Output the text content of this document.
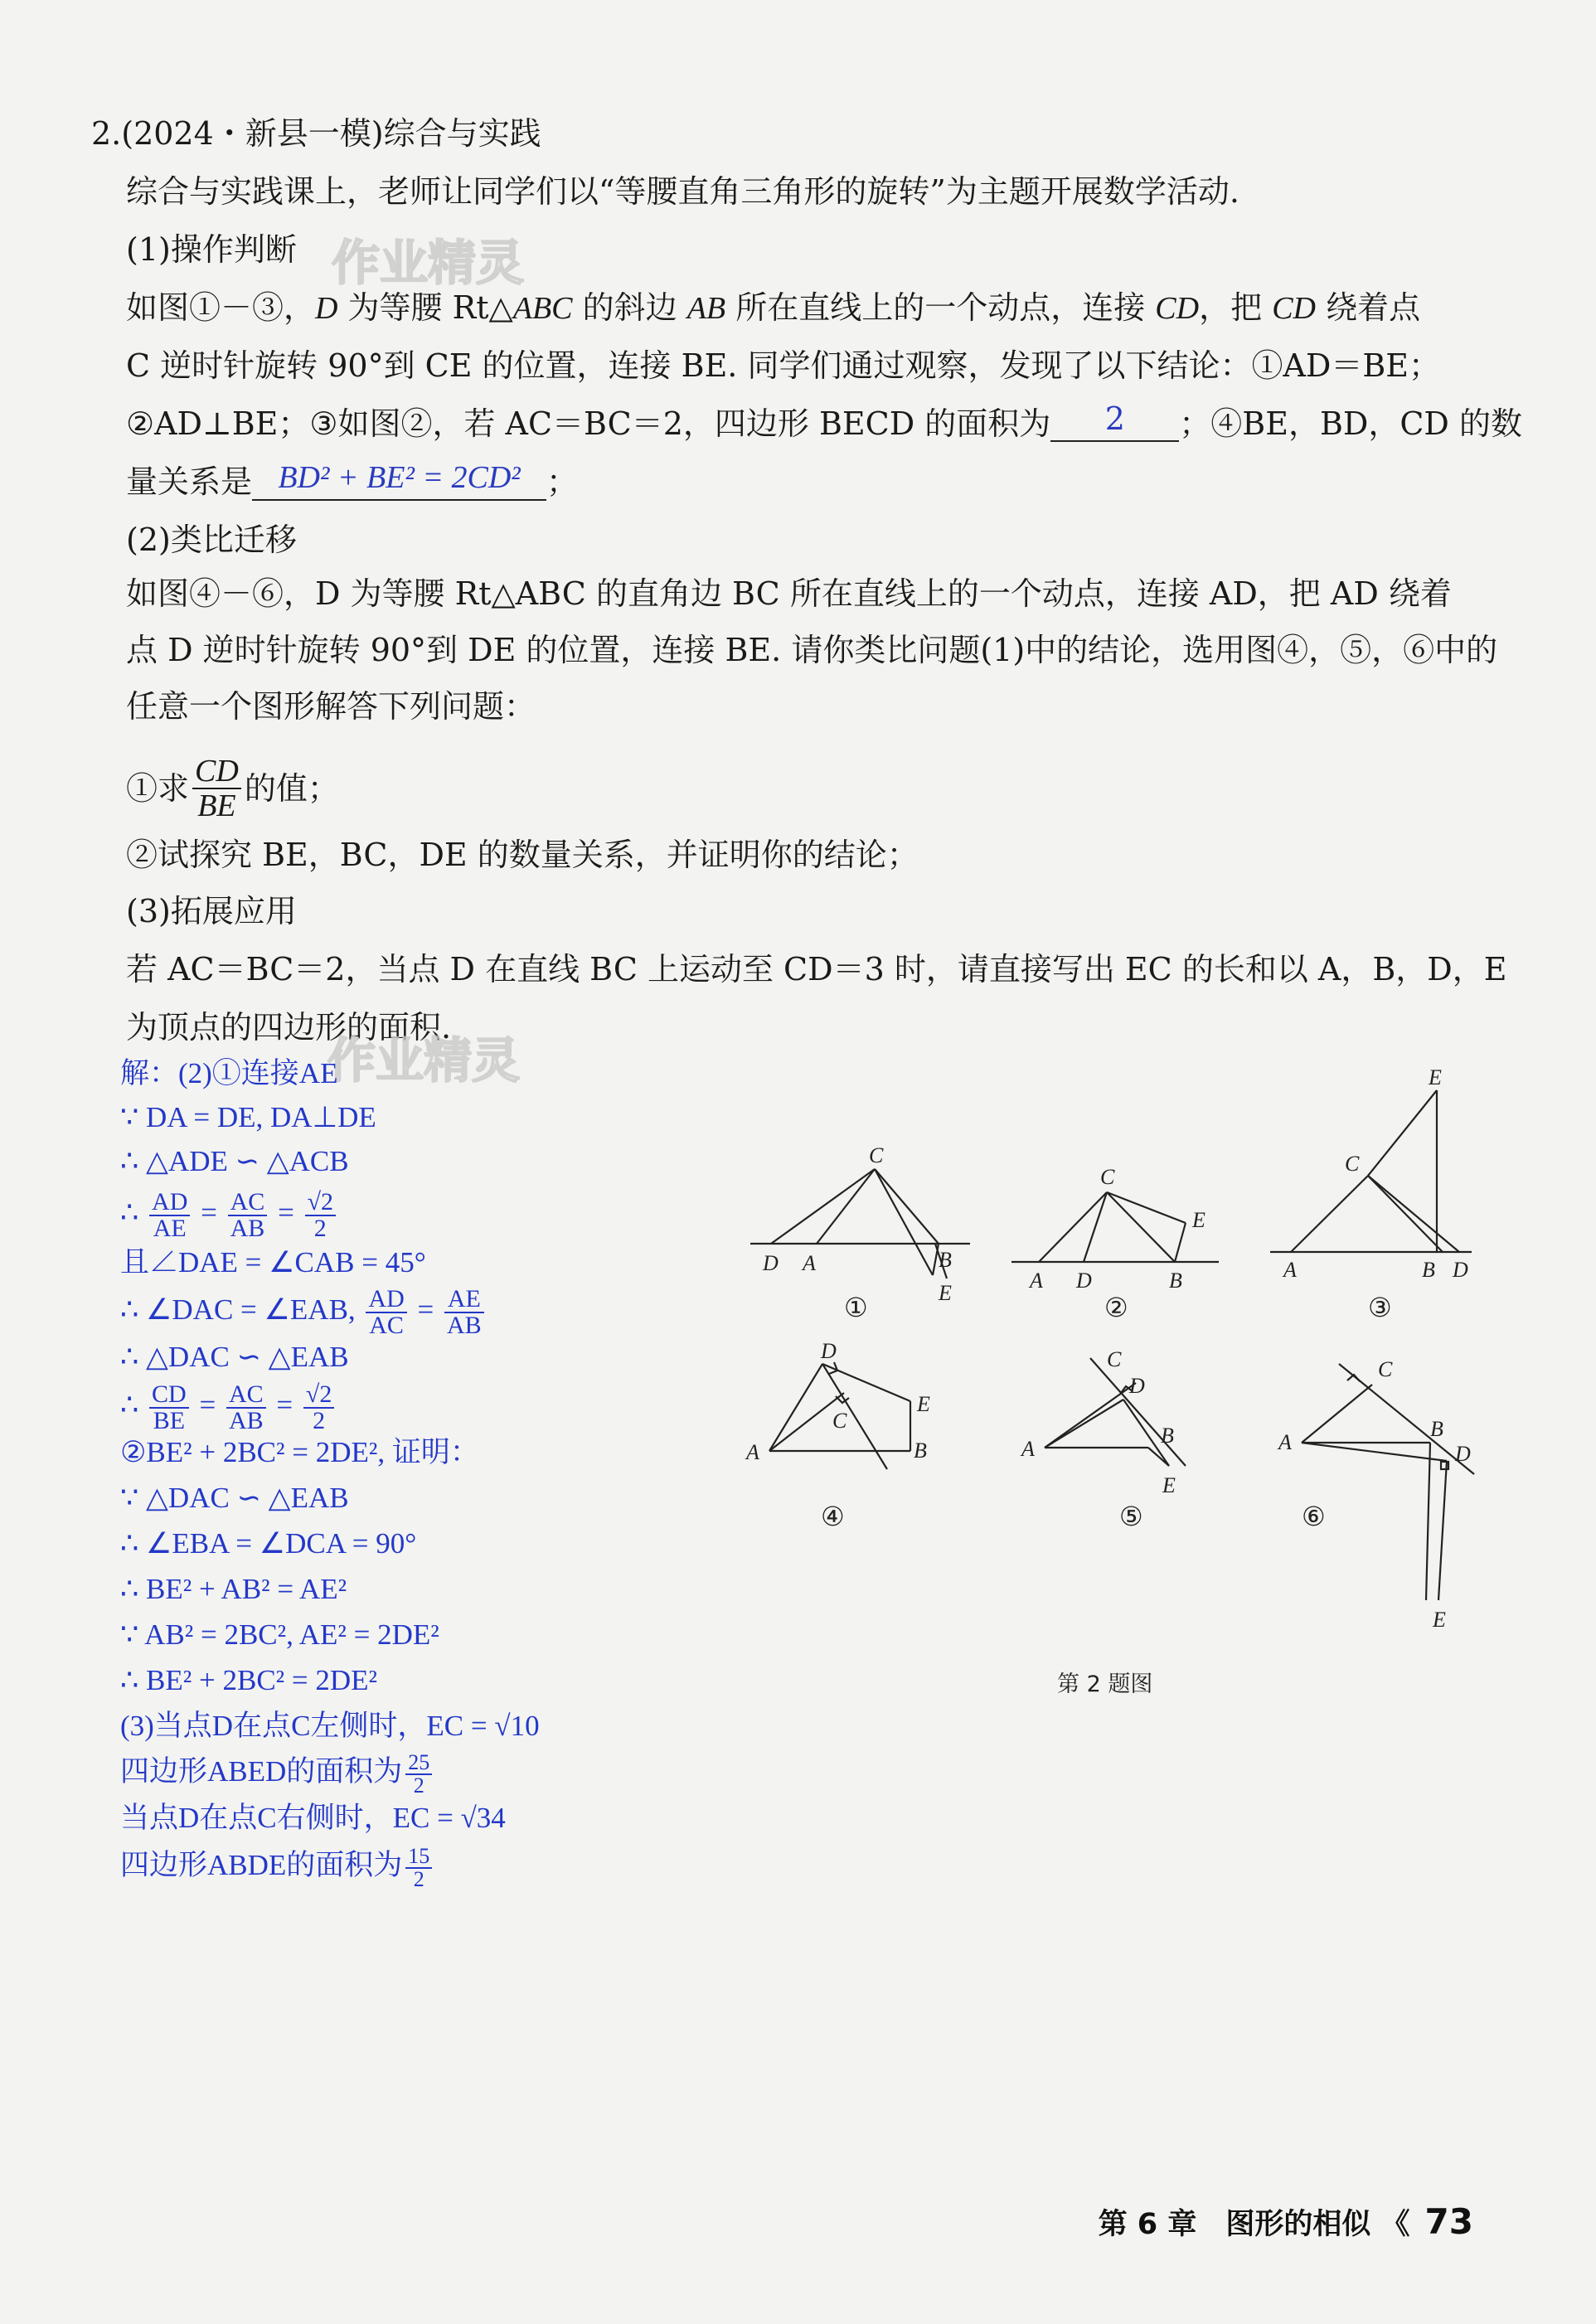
2.(2024・新县一模)综合与实践
综合与实践课上，老师让同学们以“等腰直角三角形的旋转”为主题开展数学活动.
(1)操作判断 作业精灵
如图①－③，D 为等腰 Rt△ABC 的斜边 AB 所在直线上的一个动点，连接 CD，把 CD 绕着点
C 逆时针旋转 90°到 CE 的位置，连接 BE. 同学们通过观察，发现了以下结论：①AD＝BE；
②AD⊥BE；③如图②，若 AC＝BC＝2，四边形 BECD 的面积为 2 ；④BE，BD，CD 的数
量关系是 BD² + BE² = 2CD² ；
(2)类比迁移
如图④－⑥，D 为等腰 Rt△ABC 的直角边 BC 所在直线上的一个动点，连接 AD，把 AD 绕着
点 D 逆时针旋转 90°到 DE 的位置，连接 BE. 请你类比问题(1)中的结论，选用图④，⑤，⑥中的
任意一个图形解答下列问题：
①求 $\frac{CD}{BE}$ 的值；
②试探究 BE，BC，DE 的数量关系，并证明你的结论；
(3)拓展应用
若 AC＝BC＝2，当点 D 在直线 BC 上运动至 CD＝3 时，请直接写出 EC 的长和以 A，B，D，E
为顶点的四边形的面积.
作业精灵
解：(2)①连接AE
∵ DA = DE, DA⊥DE
∴ △ADE ∽ △ACB
∴ $\frac{AD}{AE} = \frac{AC}{AB} = \frac{√2}{2}$
且∠DAE = ∠CAB = 45°
∴ ∠DAC = ∠EAB, $\frac{AD}{AC} = \frac{AE}{AB}$
∴ △DAC ∽ △EAB
∴ $\frac{CD}{BE} = \frac{AC}{AB} = \frac{√2}{2}$
②BE² + 2BC² = 2DE², 证明：
∵ △DAC ∽ △EAB
∴ ∠EBA = ∠DCA = 90°
∴ BE² + AB² = AE²
∵ AB² = 2BC², AE² = 2DE²
∴ BE² + 2BC² = 2DE²
(3)当点D在点C左侧时，EC = √10
四边形ABED的面积为 $\frac{25}{2}$
当点D在点C右侧时，EC = √34
四边形ABDE的面积为 $\frac{15}{2}$
D A
C
B
E
①
A D
C
E
B
②
A
C
E
B D
③
D
C
E
A	B
④
C
D
A
B
E
⑤
C
A
B
D
E
⑥
第 2 题图
第 6 章　图形的相似 《 73
